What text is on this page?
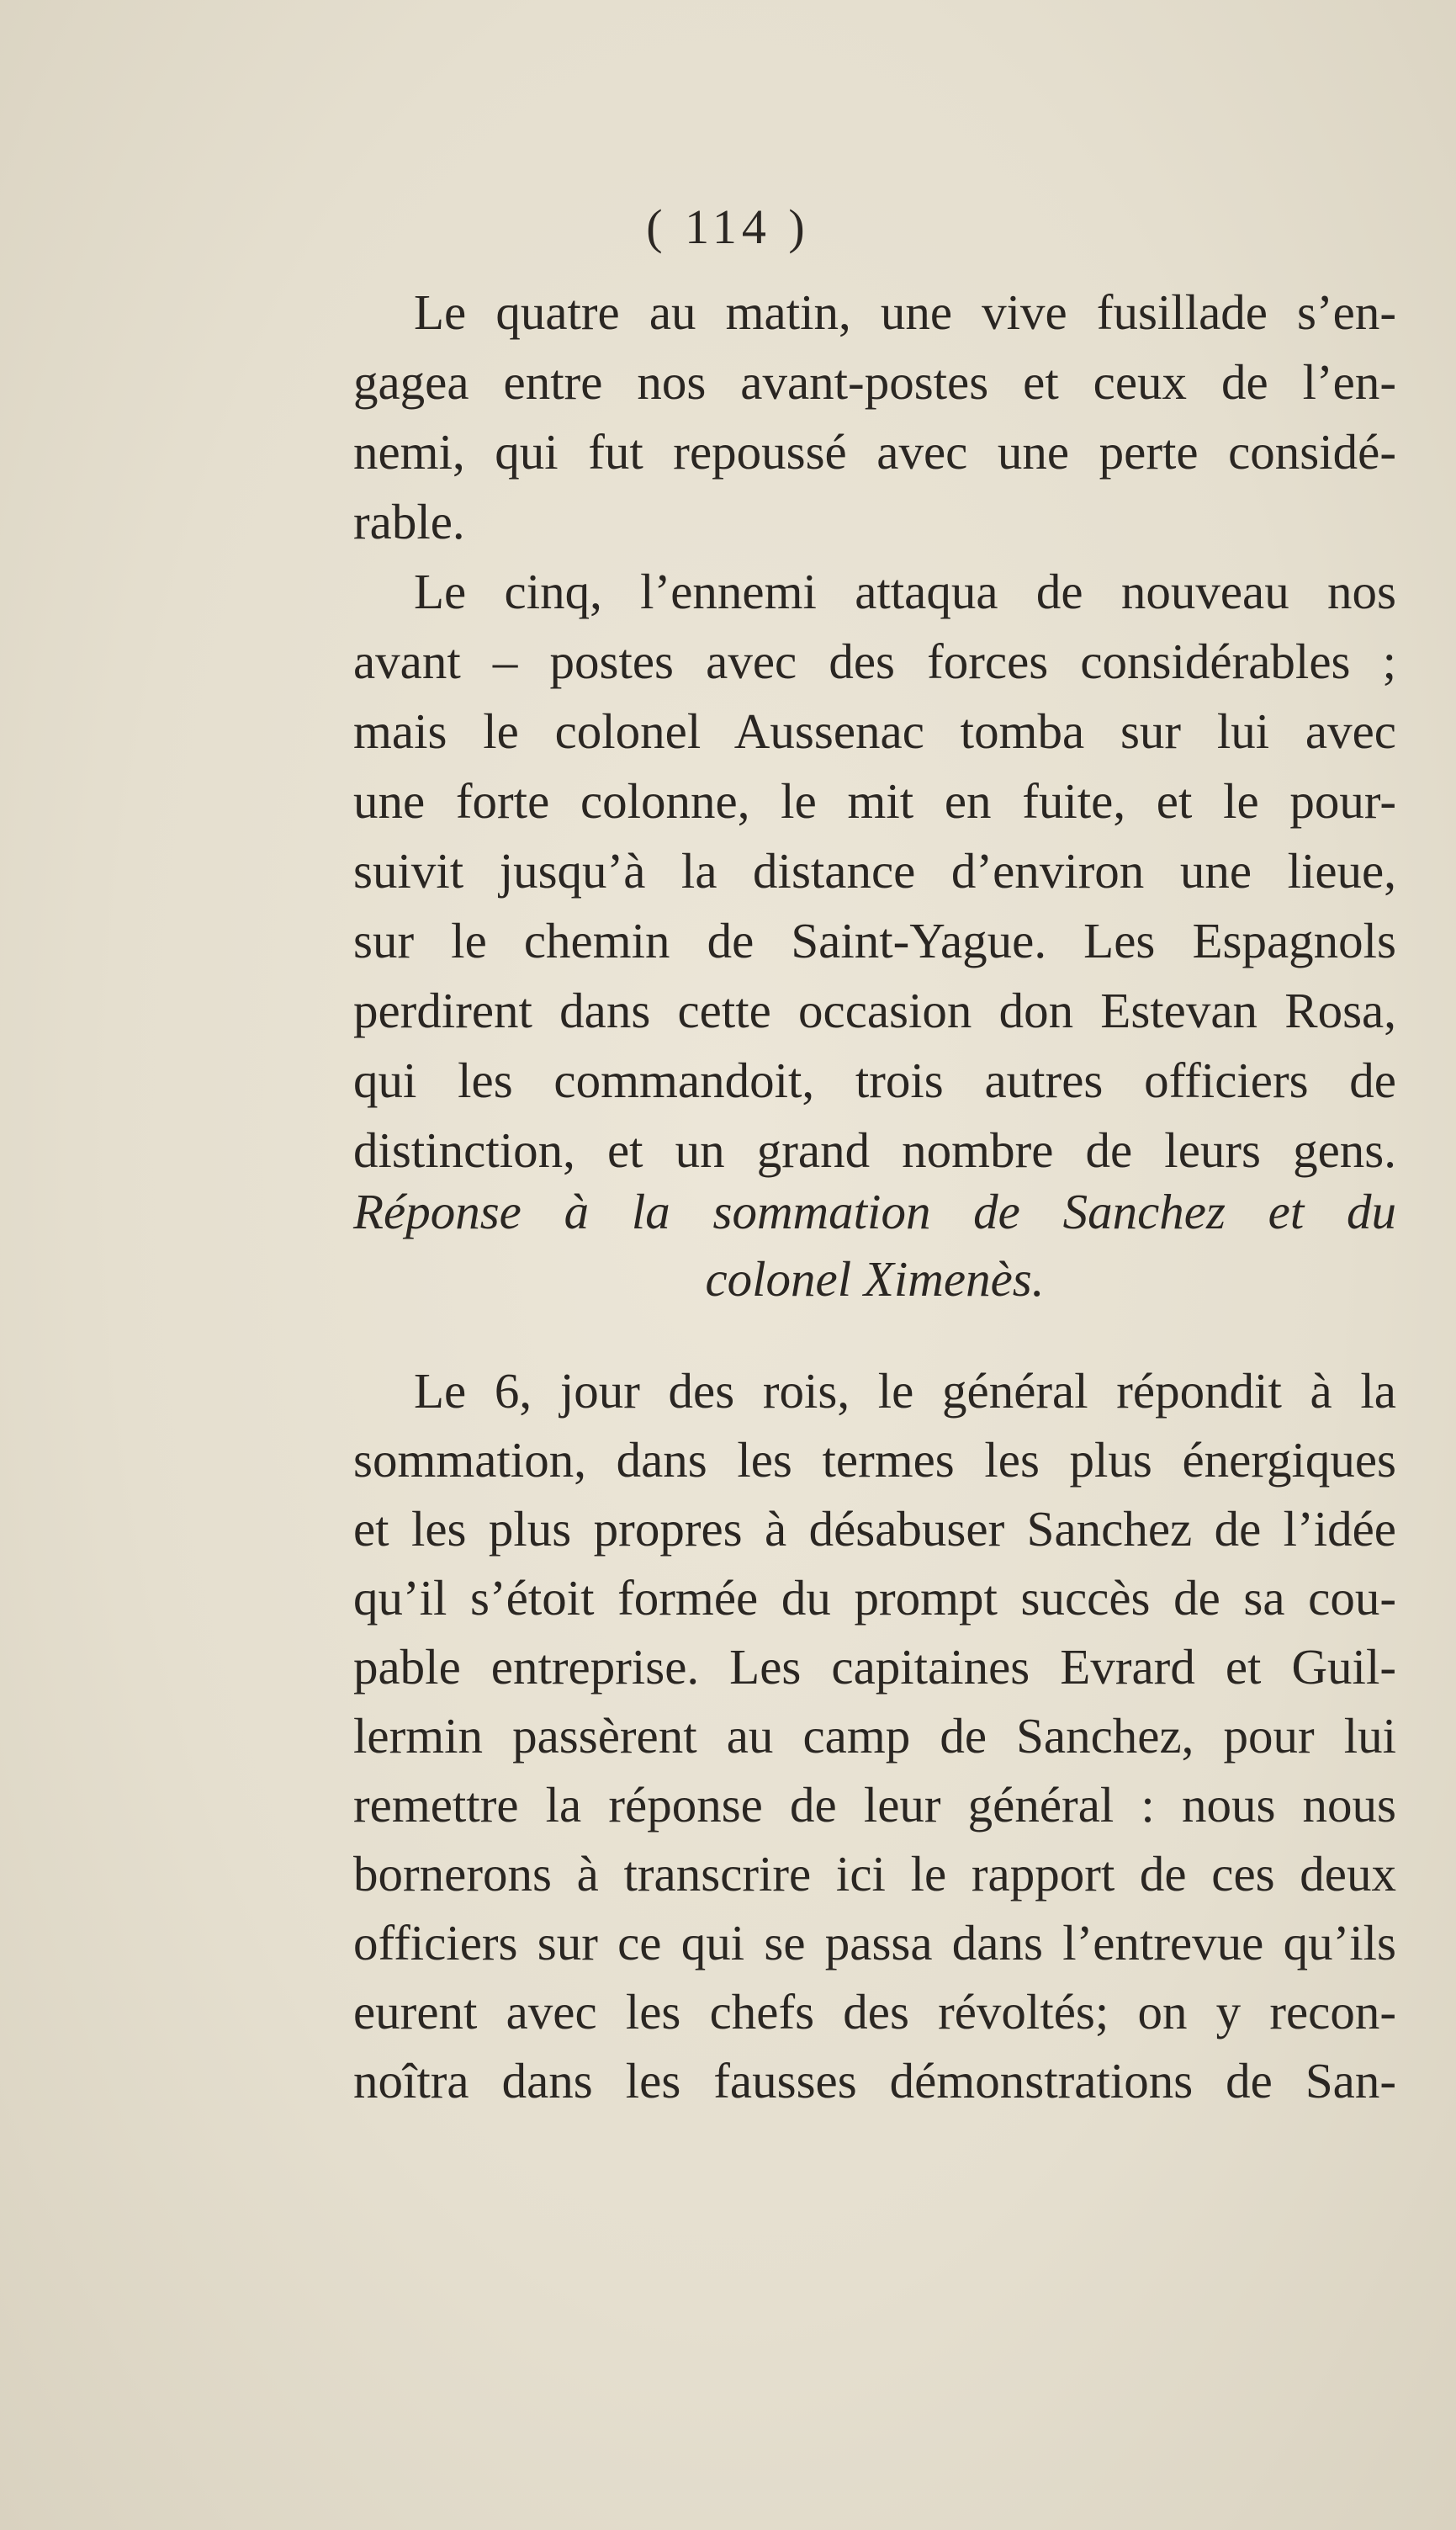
( 114 )
Le quatre au matin, une vive fusillade s’en-
gagea entre nos avant-postes et ceux de l’en-
nemi, qui fut repoussé avec une perte considé-
rable.
Le cinq, l’ennemi attaqua de nouveau nos
avant – postes avec des forces considérables ;
mais le colonel Aussenac tomba sur lui avec
une forte colonne, le mit en fuite, et le pour-
suivit jusqu’à la distance d’environ une lieue,
sur le chemin de Saint-Yague. Les Espagnols
perdirent dans cette occasion don Estevan Rosa,
qui les commandoit, trois autres officiers de
distinction, et un grand nombre de leurs gens.
Réponse à la sommation de Sanchez et du
colonel Ximenès.
Le 6, jour des rois, le général répondit à la
sommation, dans les termes les plus énergiques
et les plus propres à désabuser Sanchez de l’idée
qu’il s’étoit formée du prompt succès de sa cou-
pable entreprise. Les capitaines Evrard et Guil-
lermin passèrent au camp de Sanchez, pour lui
remettre la réponse de leur général : nous nous
bornerons à transcrire ici le rapport de ces deux
officiers sur ce qui se passa dans l’entrevue qu’ils
eurent avec les chefs des révoltés; on y recon-
noîtra dans les fausses démonstrations de San-
